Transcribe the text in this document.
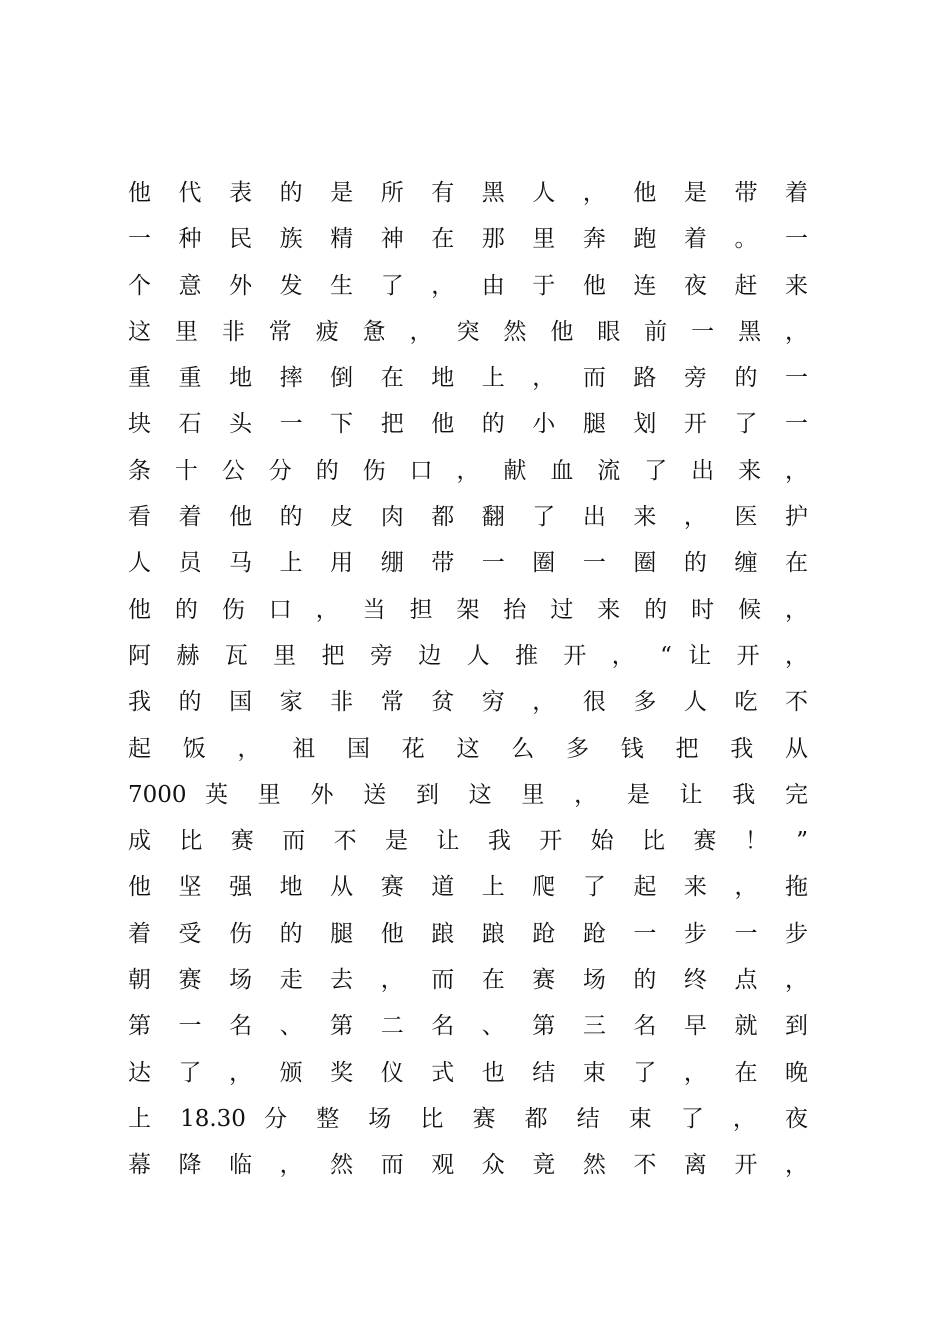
他 代 表 的 是 所 有 黑 人 ， 他 是 带 着
一 种 民 族 精 神 在 那 里 奔 跑 着 。 一
个 意 外 发 生 了 ， 由 于 他 连 夜 赶 来
这 里 非 常 疲 惫 ， 突 然 他 眼 前 一 黑 ，
重 重 地 摔 倒 在 地 上 ， 而 路 旁 的 一
块 石 头 一 下 把 他 的 小 腿 划 开 了 一
条 十 公 分 的 伤 口 ， 献 血 流 了 出 来 ，
看 着 他 的 皮 肉 都 翻 了 出 来 ， 医 护
人 员 马 上 用 绷 带 一 圈 一 圈 的 缠 在
他 的 伤 口 ， 当 担 架 抬 过 来 的 时 候 ，
阿 赫 瓦 里 把 旁 边 人 推 开 ， “ 让 开 ，
我 的 国 家 非 常 贫 穷 ， 很 多 人 吃 不
起 饭 ， 祖 国 花 这 么 多 钱 把 我 从
7000 英 里 外 送 到 这 里 ， 是 让 我 完
成 比 赛 而 不 是 让 我 开 始 比 赛 ！ ”
他 坚 强 地 从 赛 道 上 爬 了 起 来 ， 拖
着 受 伤 的 腿 他 踉 踉 跄 跄 一 步 一 步
朝 赛 场 走 去 ， 而 在 赛 场 的 终 点 ，
第 一 名 、 第 二 名 、 第 三 名 早 就 到
达 了 ， 颁 奖 仪 式 也 结 束 了 ， 在 晚
上 18.30 分 整 场 比 赛 都 结 束 了 ， 夜
幕 降 临 ， 然 而 观 众 竟 然 不 离 开 ，
